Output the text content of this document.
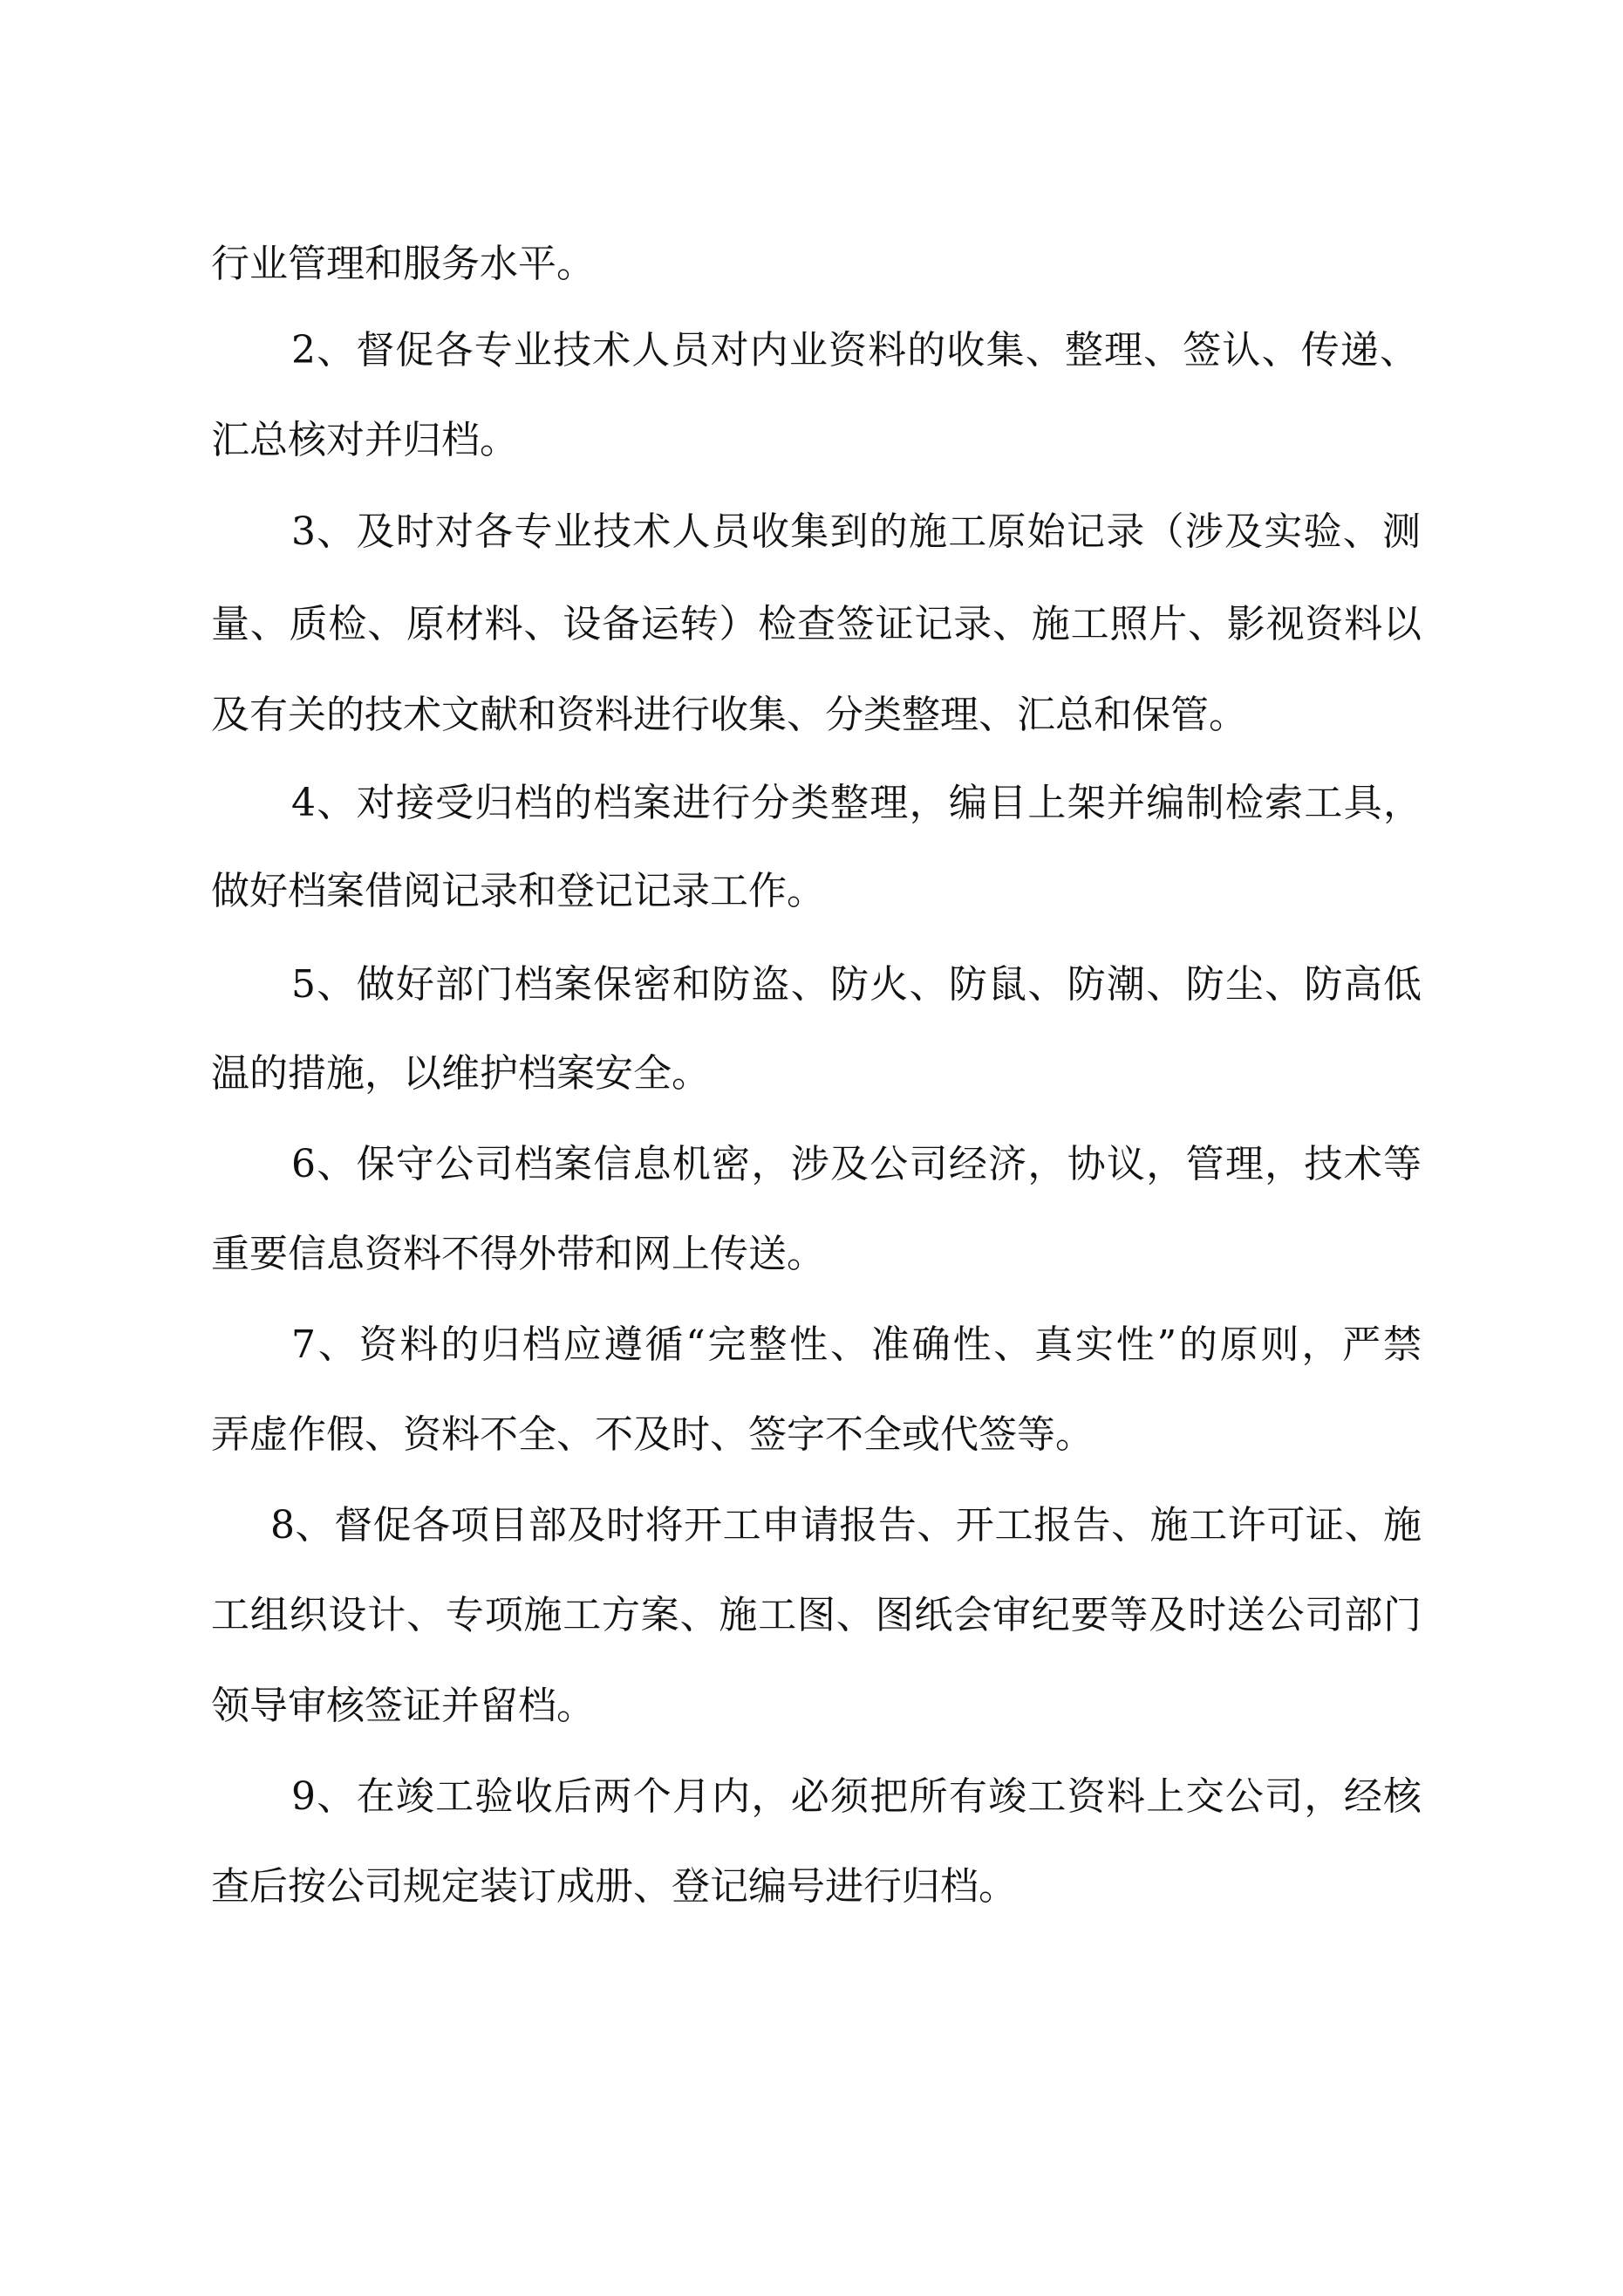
行业管理和服务水平。
2、督促各专业技术人员对内业资料的收集、整理、签认、传递、
汇总核对并归档。
3、及时对各专业技术人员收集到的施工原始记录（涉及实验、测
量、质检、原材料、设备运转）检查签证记录、施工照片、影视资料以
及有关的技术文献和资料进行收集、分类整理、汇总和保管。
4、对接受归档的档案进行分类整理，编目上架并编制检索工具，
做好档案借阅记录和登记记录工作。
5、做好部门档案保密和防盗、防火、防鼠、防潮、防尘、防高低
温的措施，以维护档案安全。
6、保守公司档案信息机密，涉及公司经济，协议，管理，技术等
重要信息资料不得外带和网上传送。
7、资料的归档应遵循“完整性、准确性、真实性”的原则，严禁
弄虚作假、资料不全、不及时、签字不全或代签等。
8、督促各项目部及时将开工申请报告、开工报告、施工许可证、施
工组织设计、专项施工方案、施工图、图纸会审纪要等及时送公司部门
领导审核签证并留档。
9、在竣工验收后两个月内，必须把所有竣工资料上交公司，经核
查后按公司规定装订成册、登记编号进行归档。
